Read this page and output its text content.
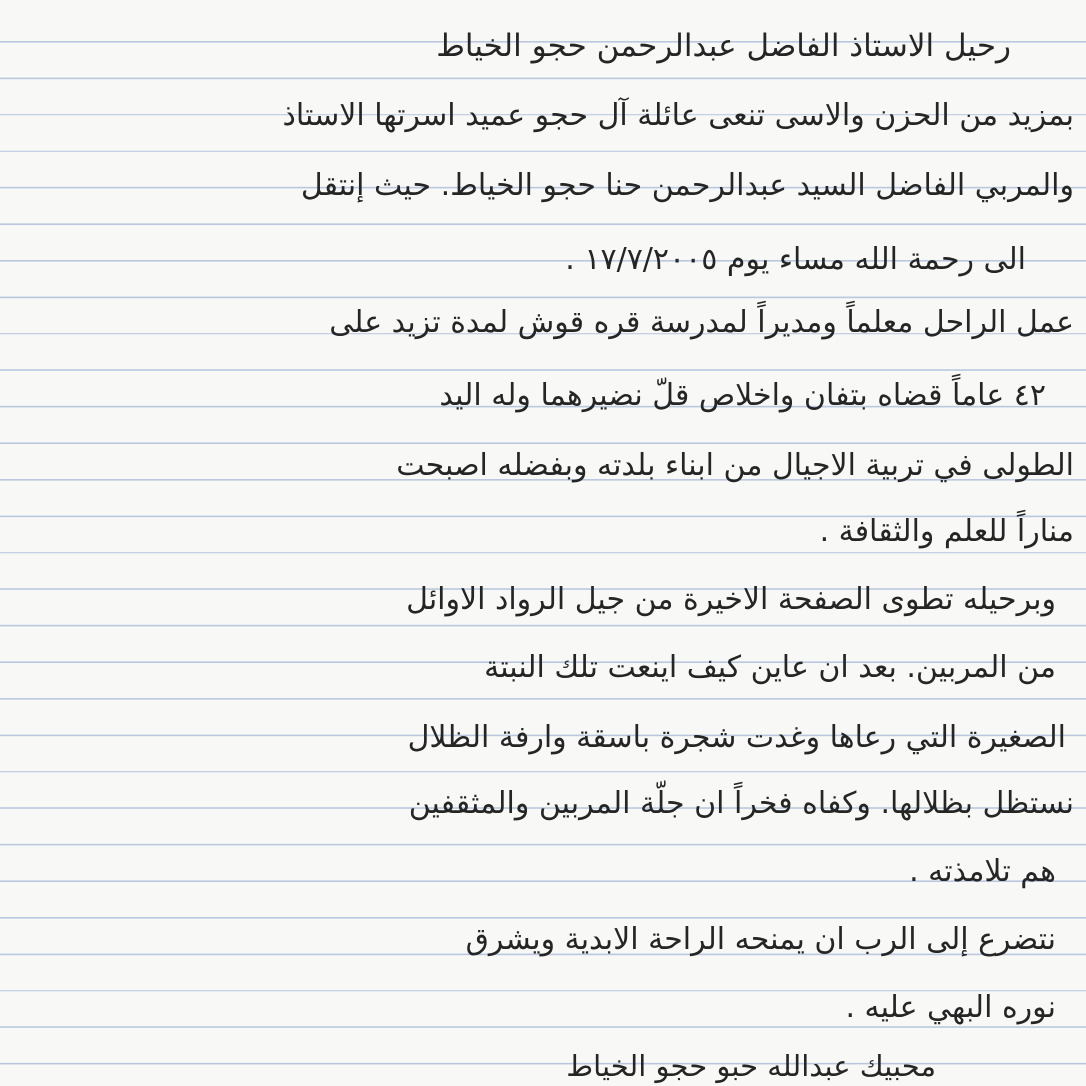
رحيل الاستاذ الفاضل عبدالرحمن حجو الخياط
بمزيد من الحزن والاسى تنعى عائلة آل حجو عميد اسرتها الاستاذ
والمربي الفاضل السيد عبدالرحمن حنا حجو الخياط. حيث إنتقل
الى رحمة الله مساء يوم ١٧/٧/٢٠٠٥ .
عمل الراحل معلماً ومديراً لمدرسة قره قوش لمدة تزيد على
٤٢ عاماً قضاه بتفان واخلاص قلّ نضيرهما وله اليد
الطولى في تربية الاجيال من ابناء بلدته وبفضله اصبحت
مناراً للعلم والثقافة .
وبرحيله تطوى الصفحة الاخيرة من جيل الرواد الاوائل
من المربين. بعد ان عاين كيف اينعت تلك النبتة
الصغيرة التي رعاها وغدت شجرة باسقة وارفة الظلال
نستظل بظلالها. وكفاه فخراً ان جلّة المربين والمثقفين
هم تلامذته .
نتضرع إلى الرب ان يمنحه الراحة الابدية ويشرق
نوره البهي عليه .
محبيك عبدالله حبو حجو الخياط
